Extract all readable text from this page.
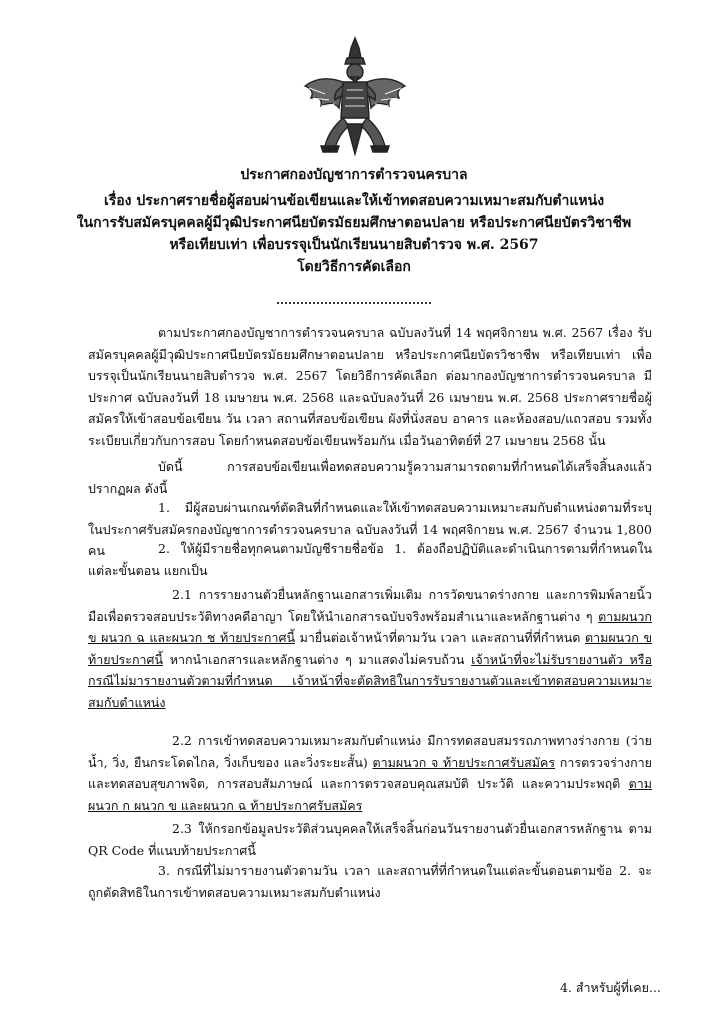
ประกาศกองบัญชาการตำรวจนครบาล
เรื่อง ประกาศรายชื่อผู้สอบผ่านข้อเขียนและให้เข้าทดสอบความเหมาะสมกับตำแหน่ง
ในการรับสมัครบุคคลผู้มีวุฒิประกาศนียบัตรมัธยมศึกษาตอนปลาย หรือประกาศนียบัตรวิชาชีพ
หรือเทียบเท่า เพื่อบรรจุเป็นนักเรียนนายสิบตำรวจ พ.ศ. 2567
โดยวิธีการคัดเลือก
ตามประกาศกองบัญชาการตำรวจนครบาล ฉบับลงวันที่ 14 พฤศจิกายน พ.ศ. 2567 เรื่อง รับสมัครบุคคลผู้มีวุฒิประกาศนียบัตรมัธยมศึกษาตอนปลาย หรือประกาศนียบัตรวิชาชีพ หรือเทียบเท่า เพื่อบรรจุเป็นนักเรียนนายสิบตำรวจ พ.ศ. 2567 โดยวิธีการคัดเลือก ต่อมากองบัญชาการตำรวจนครบาล มีประกาศ ฉบับลงวันที่ 18 เมษายน พ.ศ. 2568 และฉบับลงวันที่ 26 เมษายน พ.ศ. 2568 ประกาศรายชื่อผู้สมัครให้เข้าสอบข้อเขียน วัน เวลา สถานที่สอบข้อเขียน ผังที่นั่งสอบ อาคาร และห้องสอบ/แถวสอบ รวมทั้งระเบียบเกี่ยวกับการสอบ โดยกำหนดสอบข้อเขียนพร้อมกัน เมื่อวันอาทิตย์ที่ 27 เมษายน 2568 นั้น
บัดนี้ การสอบข้อเขียนเพื่อทดสอบความรู้ความสามารถตามที่กำหนดได้เสร็จสิ้นลงแล้ว ปรากฏผล ดังนี้
1. มีผู้สอบผ่านเกณฑ์ตัดสินที่กำหนดและให้เข้าทดสอบความเหมาะสมกับตำแหน่งตามที่ระบุในประกาศรับสมัครกองบัญชาการตำรวจนครบาล ฉบับลงวันที่ 14 พฤศจิกายน พ.ศ. 2567 จำนวน 1,800 คน	2. ให้ผู้มีรายชื่อทุกคนตามบัญชีรายชื่อข้อ 1. ต้องถือปฏิบัติและดำเนินการตามที่กำหนดในแต่ละขั้นตอน แยกเป็น
2.1 การรายงานตัวยื่นหลักฐานเอกสารเพิ่มเติม การวัดขนาดร่างกาย และการพิมพ์ลายนิ้วมือเพื่อตรวจสอบประวัติทางคดีอาญา โดยให้นำเอกสารฉบับจริงพร้อมสำเนาและหลักฐานต่าง ๆ ตามผนวก ข ผนวก ฉ และผนวก ช ท้ายประกาศนี้ มายื่นต่อเจ้าหน้าที่ตามวัน เวลา และสถานที่ที่กำหนด ตามผนวก ข ท้ายประกาศนี้ หากนำเอกสารและหลักฐานต่าง ๆ มาแสดงไม่ครบถ้วน เจ้าหน้าที่จะไม่รับรายงานตัว หรือกรณีไม่มารายงานตัวตามที่กำหนด เจ้าหน้าที่จะตัดสิทธิในการรับรายงานตัวและเข้าทดสอบความเหมาะสมกับตำแหน่ง
2.2 การเข้าทดสอบความเหมาะสมกับตำแหน่ง มีการทดสอบสมรรถภาพทางร่างกาย (ว่ายน้ำ, วิ่ง, ยืนกระโดดไกล, วิ่งเก็บของ และวิ่งระยะสั้น) ตามผนวก จ ท้ายประกาศรับสมัคร การตรวจร่างกายและทดสอบสุขภาพจิต, การสอบสัมภาษณ์ และการตรวจสอบคุณสมบัติ ประวัติ และความประพฤติ ตามผนวก ก ผนวก ข และผนวก ฉ ท้ายประกาศรับสมัคร
2.3 ให้กรอกข้อมูลประวัติส่วนบุคคลให้เสร็จสิ้นก่อนวันรายงานตัวยื่นเอกสารหลักฐาน ตาม QR Code ที่แนบท้ายประกาศนี้
3. กรณีที่ไม่มารายงานตัวตามวัน เวลา และสถานที่ที่กำหนดในแต่ละขั้นตอนตามข้อ 2. จะถูกตัดสิทธิในการเข้าทดสอบความเหมาะสมกับตำแหน่ง
4. สำหรับผู้ที่เคย...
